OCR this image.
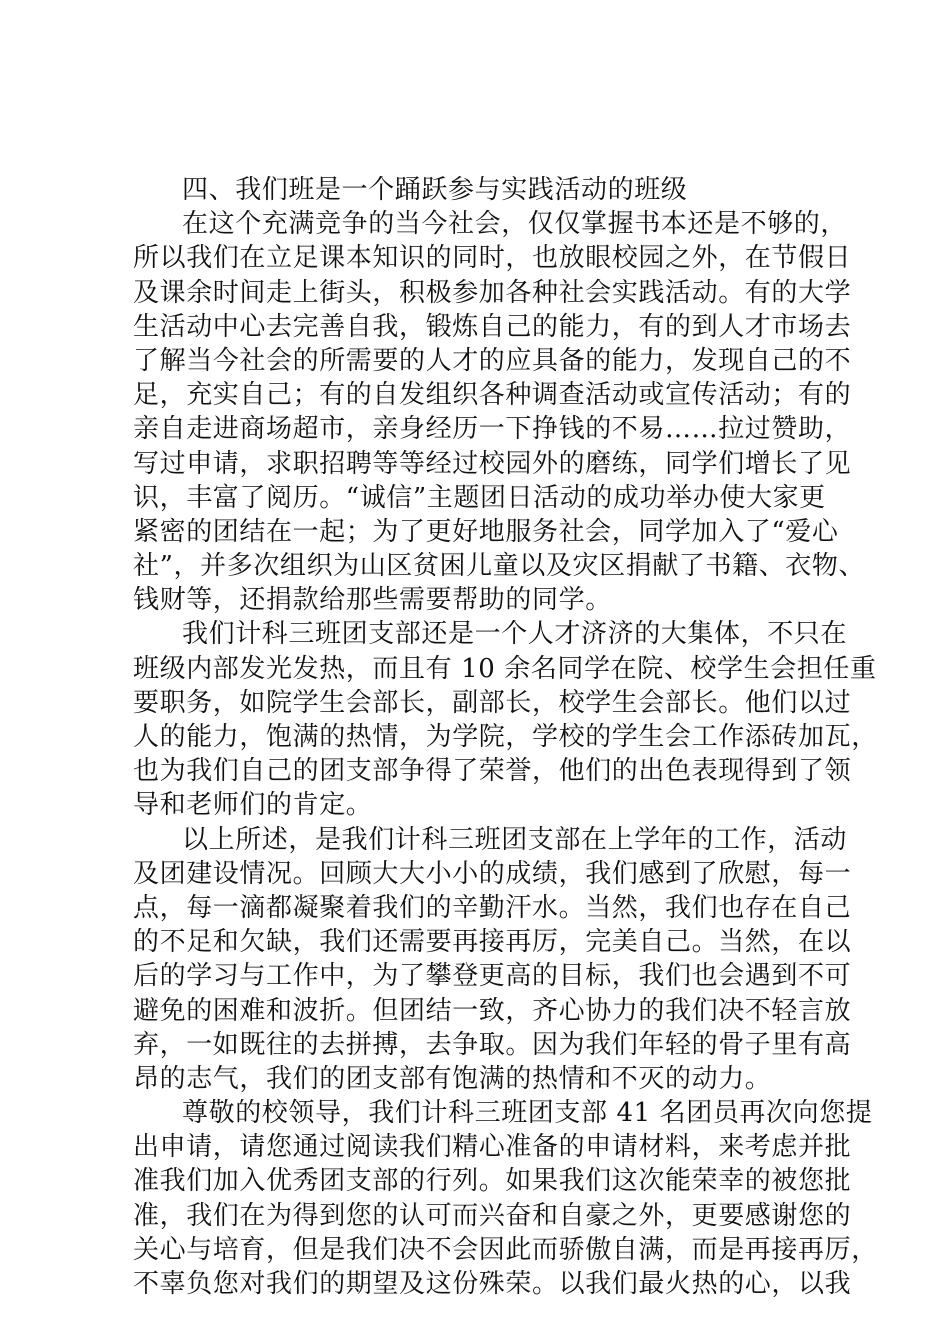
四、我们班是一个踊跃参与实践活动的班级
在这个充满竞争的当今社会，仅仅掌握书本还是不够的，
所以我们在立足课本知识的同时，也放眼校园之外，在节假日
及课余时间走上街头，积极参加各种社会实践活动。有的大学
生活动中心去完善自我，锻炼自己的能力，有的到人才市场去
了解当今社会的所需要的人才的应具备的能力，发现自己的不
足，充实自己；有的自发组织各种调查活动或宣传活动；有的
亲自走进商场超市，亲身经历一下挣钱的不易……拉过赞助，
写过申请，求职招聘等等经过校园外的磨练，同学们增长了见
识，丰富了阅历。“诚信”主题团日活动的成功举办使大家更
紧密的团结在一起；为了更好地服务社会，同学加入了“爱心
社”，并多次组织为山区贫困儿童以及灾区捐献了书籍、衣物、
钱财等，还捐款给那些需要帮助的同学。
我们计科三班团支部还是一个人才济济的大集体，不只在
班级内部发光发热，而且有 10 余名同学在院、校学生会担任重
要职务，如院学生会部长，副部长，校学生会部长。他们以过
人的能力，饱满的热情，为学院，学校的学生会工作添砖加瓦，
也为我们自己的团支部争得了荣誉，他们的出色表现得到了领
导和老师们的肯定。
以上所述，是我们计科三班团支部在上学年的工作，活动
及团建设情况。回顾大大小小的成绩，我们感到了欣慰，每一
点，每一滴都凝聚着我们的辛勤汗水。当然，我们也存在自己
的不足和欠缺，我们还需要再接再厉，完美自己。当然，在以
后的学习与工作中，为了攀登更高的目标，我们也会遇到不可
避免的困难和波折。但团结一致，齐心协力的我们决不轻言放
弃，一如既往的去拼搏，去争取。因为我们年轻的骨子里有高
昂的志气，我们的团支部有饱满的热情和不灭的动力。
尊敬的校领导，我们计科三班团支部 41 名团员再次向您提
出申请，请您通过阅读我们精心准备的申请材料，来考虑并批
准我们加入优秀团支部的行列。如果我们这次能荣幸的被您批
准，我们在为得到您的认可而兴奋和自豪之外，更要感谢您的
关心与培育，但是我们决不会因此而骄傲自满，而是再接再厉，
不辜负您对我们的期望及这份殊荣。以我们最火热的心，以我
